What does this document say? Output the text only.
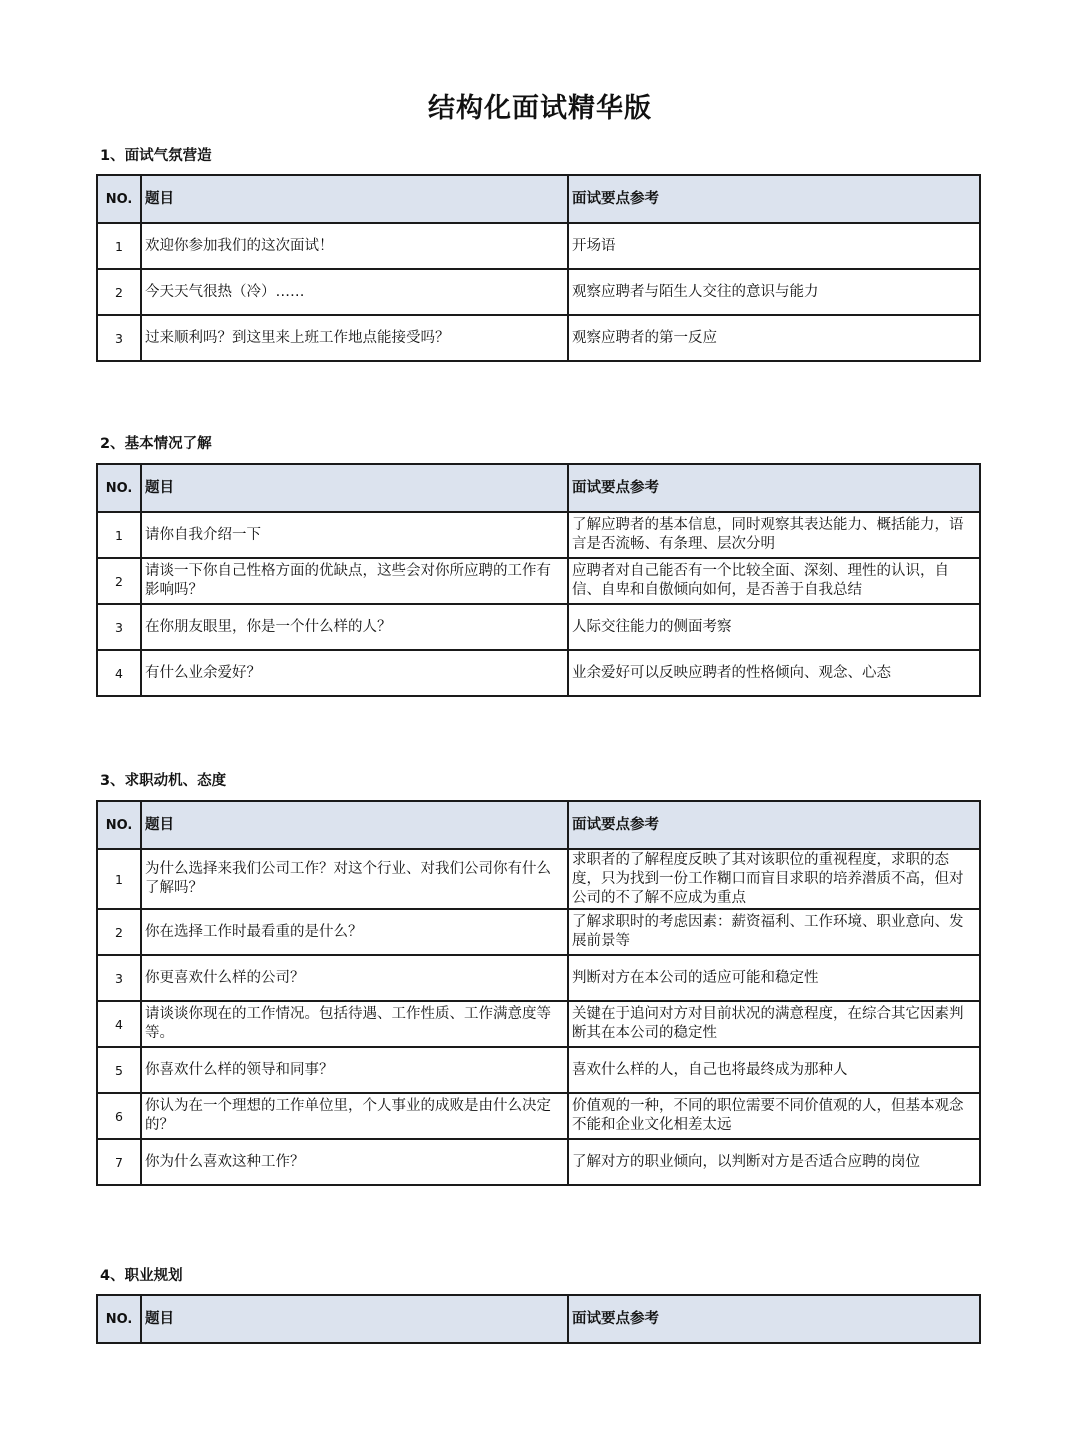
结构化面试精华版
1、面试气氛营造
NO.	题目	面试要点参考
1	欢迎你参加我们的这次面试！	开场语
2	今天天气很热（冷）……	观察应聘者与陌生人交往的意识与能力
3	过来顺利吗？到这里来上班工作地点能接受吗？	观察应聘者的第一反应
2、基本情况了解
NO.	题目	面试要点参考
1	请你自我介绍一下	了解应聘者的基本信息，同时观察其表达能力、概括能力，语言是否流畅、有条理、层次分明
2	请谈一下你自己性格方面的优缺点，这些会对你所应聘的工作有影响吗？	应聘者对自己能否有一个比较全面、深刻、理性的认识，自信、自卑和自傲倾向如何，是否善于自我总结
3	在你朋友眼里，你是一个什么样的人？	人际交往能力的侧面考察
4	有什么业余爱好？	业余爱好可以反映应聘者的性格倾向、观念、心态
3、求职动机、态度
NO.	题目	面试要点参考
1	为什么选择来我们公司工作？对这个行业、对我们公司你有什么了解吗？	求职者的了解程度反映了其对该职位的重视程度，求职的态度，只为找到一份工作糊口而盲目求职的培养潜质不高，但对公司的不了解不应成为重点
2	你在选择工作时最看重的是什么？	了解求职时的考虑因素：薪资福利、工作环境、职业意向、发展前景等
3	你更喜欢什么样的公司？	判断对方在本公司的适应可能和稳定性
4	请谈谈你现在的工作情况。包括待遇、工作性质、工作满意度等等。	关键在于追问对方对目前状况的满意程度，在综合其它因素判断其在本公司的稳定性
5	你喜欢什么样的领导和同事？	喜欢什么样的人，自己也将最终成为那种人
6	你认为在一个理想的工作单位里，个人事业的成败是由什么决定的？	价值观的一种，不同的职位需要不同价值观的人，但基本观念不能和企业文化相差太远
7	你为什么喜欢这种工作？	了解对方的职业倾向，以判断对方是否适合应聘的岗位
4、职业规划
NO.	题目	面试要点参考
